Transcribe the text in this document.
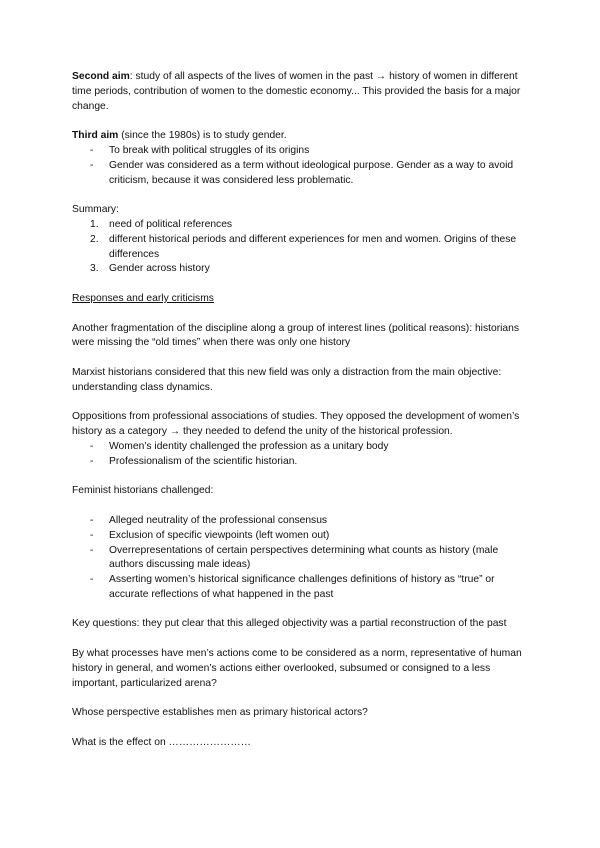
Second aim: study of all aspects of the lives of women in the past → history of women in different time periods, contribution of women to the domestic economy... This provided the basis for a major change.

Third aim (since the 1980s) is to study gender.

- To break with political struggles of its origins
- Gender was considered as a term without ideological purpose. Gender as a way to avoid criticism, because it was considered less problematic.

Summary:

1. need of political references
2. different historical periods and different experiences for men and women. Origins of these differences
3. Gender across history

Responses and early criticisms

Another fragmentation of the discipline along a group of interest lines (political reasons): historians were missing the “old times” when there was only one history

Marxist historians considered that this new field was only a distraction from the main objective: understanding class dynamics.

Oppositions from professional associations of studies. They opposed the development of women’s history as a category → they needed to defend the unity of the historical profession.

- Women’s identity challenged the profession as a unitary body
- Professionalism of the scientific historian.

Feminist historians challenged:

- Alleged neutrality of the professional consensus
- Exclusion of specific viewpoints (left women out)
- Overrepresentations of certain perspectives determining what counts as history (male authors discussing male ideas)
- Asserting women’s historical significance challenges definitions of history as “true” or accurate reflections of what happened in the past

Key questions: they put clear that this alleged objectivity was a partial reconstruction of the past

By what processes have men’s actions come to be considered as a norm, representative of human history in general, and women’s actions either overlooked, subsumed or consigned to a less important, particularized arena?

Whose perspective establishes men as primary historical actors?

What is the effect on ……………………
